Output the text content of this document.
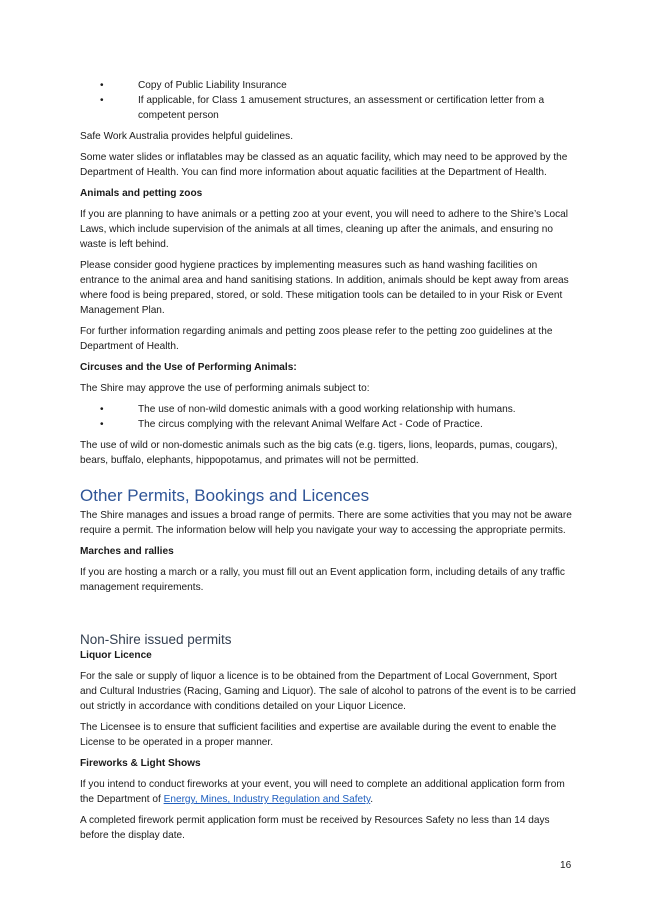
• Copy of Public Liability Insurance
• If applicable, for Class 1 amusement structures, an assessment or certification letter from a competent person

Safe Work Australia provides helpful guidelines.

Some water slides or inflatables may be classed as an aquatic facility, which may need to be approved by the Department of Health. You can find more information about aquatic facilities at the Department of Health.

Animals and petting zoos

If you are planning to have animals or a petting zoo at your event, you will need to adhere to the Shire’s Local Laws, which include supervision of the animals at all times, cleaning up after the animals, and ensuring no waste is left behind.

Please consider good hygiene practices by implementing measures such as hand washing facilities on entrance to the animal area and hand sanitising stations. In addition, animals should be kept away from areas where food is being prepared, stored, or sold. These mitigation tools can be detailed to in your Risk or Event Management Plan.

For further information regarding animals and petting zoos please refer to the petting zoo guidelines at the Department of Health.

Circuses and the Use of Performing Animals:

The Shire may approve the use of performing animals subject to:

• The use of non-wild domestic animals with a good working relationship with humans.
• The circus complying with the relevant Animal Welfare Act - Code of Practice.

The use of wild or non-domestic animals such as the big cats (e.g. tigers, lions, leopards, pumas, cougars), bears, buffalo, elephants, hippopotamus, and primates will not be permitted.

Other Permits, Bookings and Licences

The Shire manages and issues a broad range of permits. There are some activities that you may not be aware require a permit. The information below will help you navigate your way to accessing the appropriate permits.

Marches and rallies

If you are hosting a march or a rally, you must fill out an Event application form, including details of any traffic management requirements.

Non-Shire issued permits

Liquor Licence

For the sale or supply of liquor a licence is to be obtained from the Department of Local Government, Sport and Cultural Industries (Racing, Gaming and Liquor). The sale of alcohol to patrons of the event is to be carried out strictly in accordance with conditions detailed on your Liquor Licence.

The Licensee is to ensure that sufficient facilities and expertise are available during the event to enable the License to be operated in a proper manner.

Fireworks & Light Shows

If you intend to conduct fireworks at your event, you will need to complete an additional application form from the Department of Energy, Mines, Industry Regulation and Safety.

A completed firework permit application form must be received by Resources Safety no less than 14 days before the display date.

16
